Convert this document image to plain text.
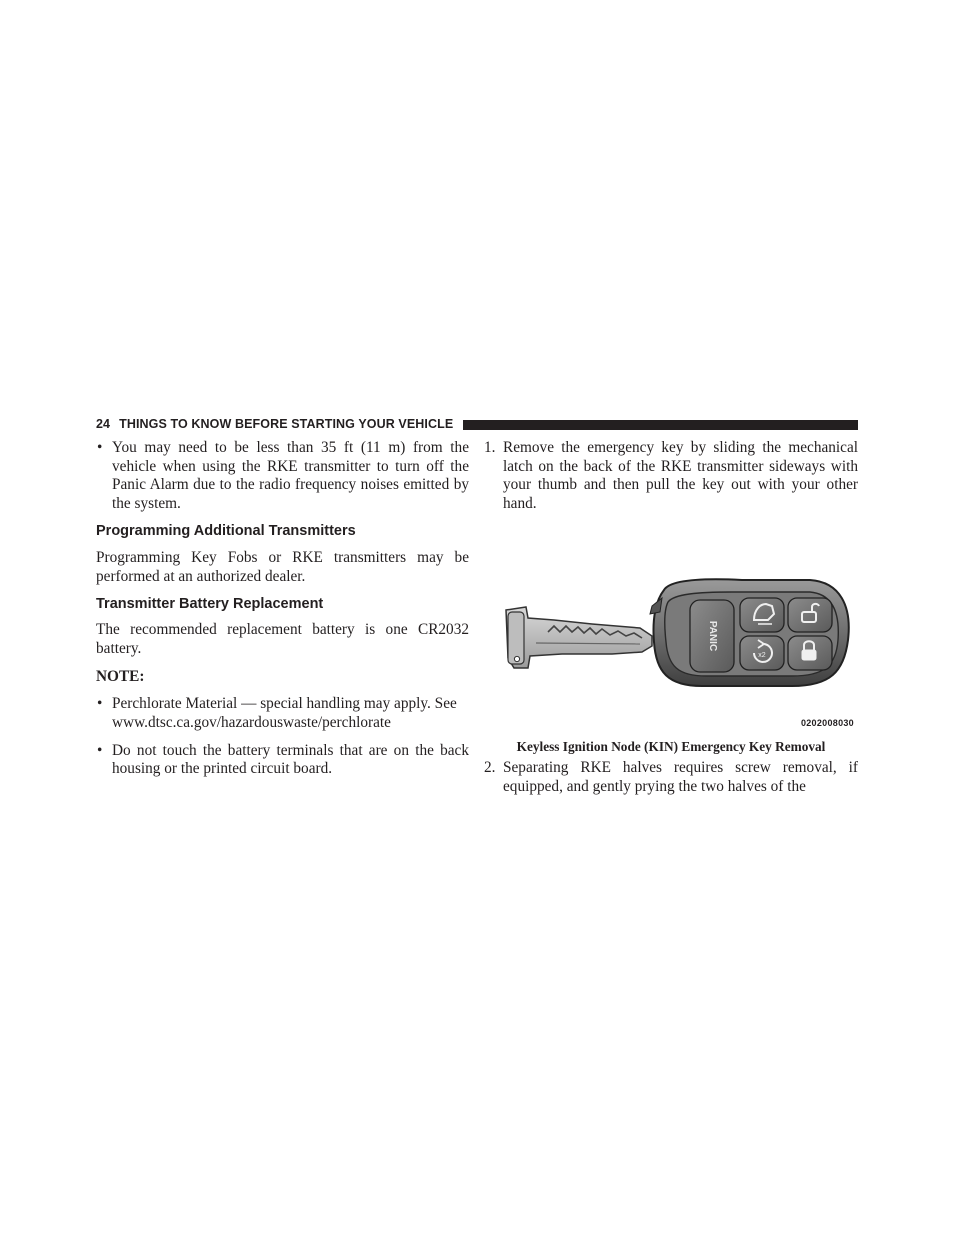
24 THINGS TO KNOW BEFORE STARTING YOUR VEHICLE

• You may need to be less than 35 ft (11 m) from the vehicle when using the RKE transmitter to turn off the Panic Alarm due to the radio frequency noises emitted by the system.

Programming Additional Transmitters

Programming Key Fobs or RKE transmitters may be performed at an authorized dealer.

Transmitter Battery Replacement

The recommended replacement battery is one CR2032 battery.

NOTE:

• Perchlorate Material — special handling may apply. See www.dtsc.ca.gov/hazardouswaste/perchlorate

• Do not touch the battery terminals that are on the back housing or the printed circuit board.

1. Remove the emergency key by sliding the mechanical latch on the back of the RKE transmitter sideways with your thumb and then pull the key out with your other hand.

PANIC
x2
0202008030
Keyless Ignition Node (KIN) Emergency Key Removal

2. Separating RKE halves requires screw removal, if equipped, and gently prying the two halves of the
